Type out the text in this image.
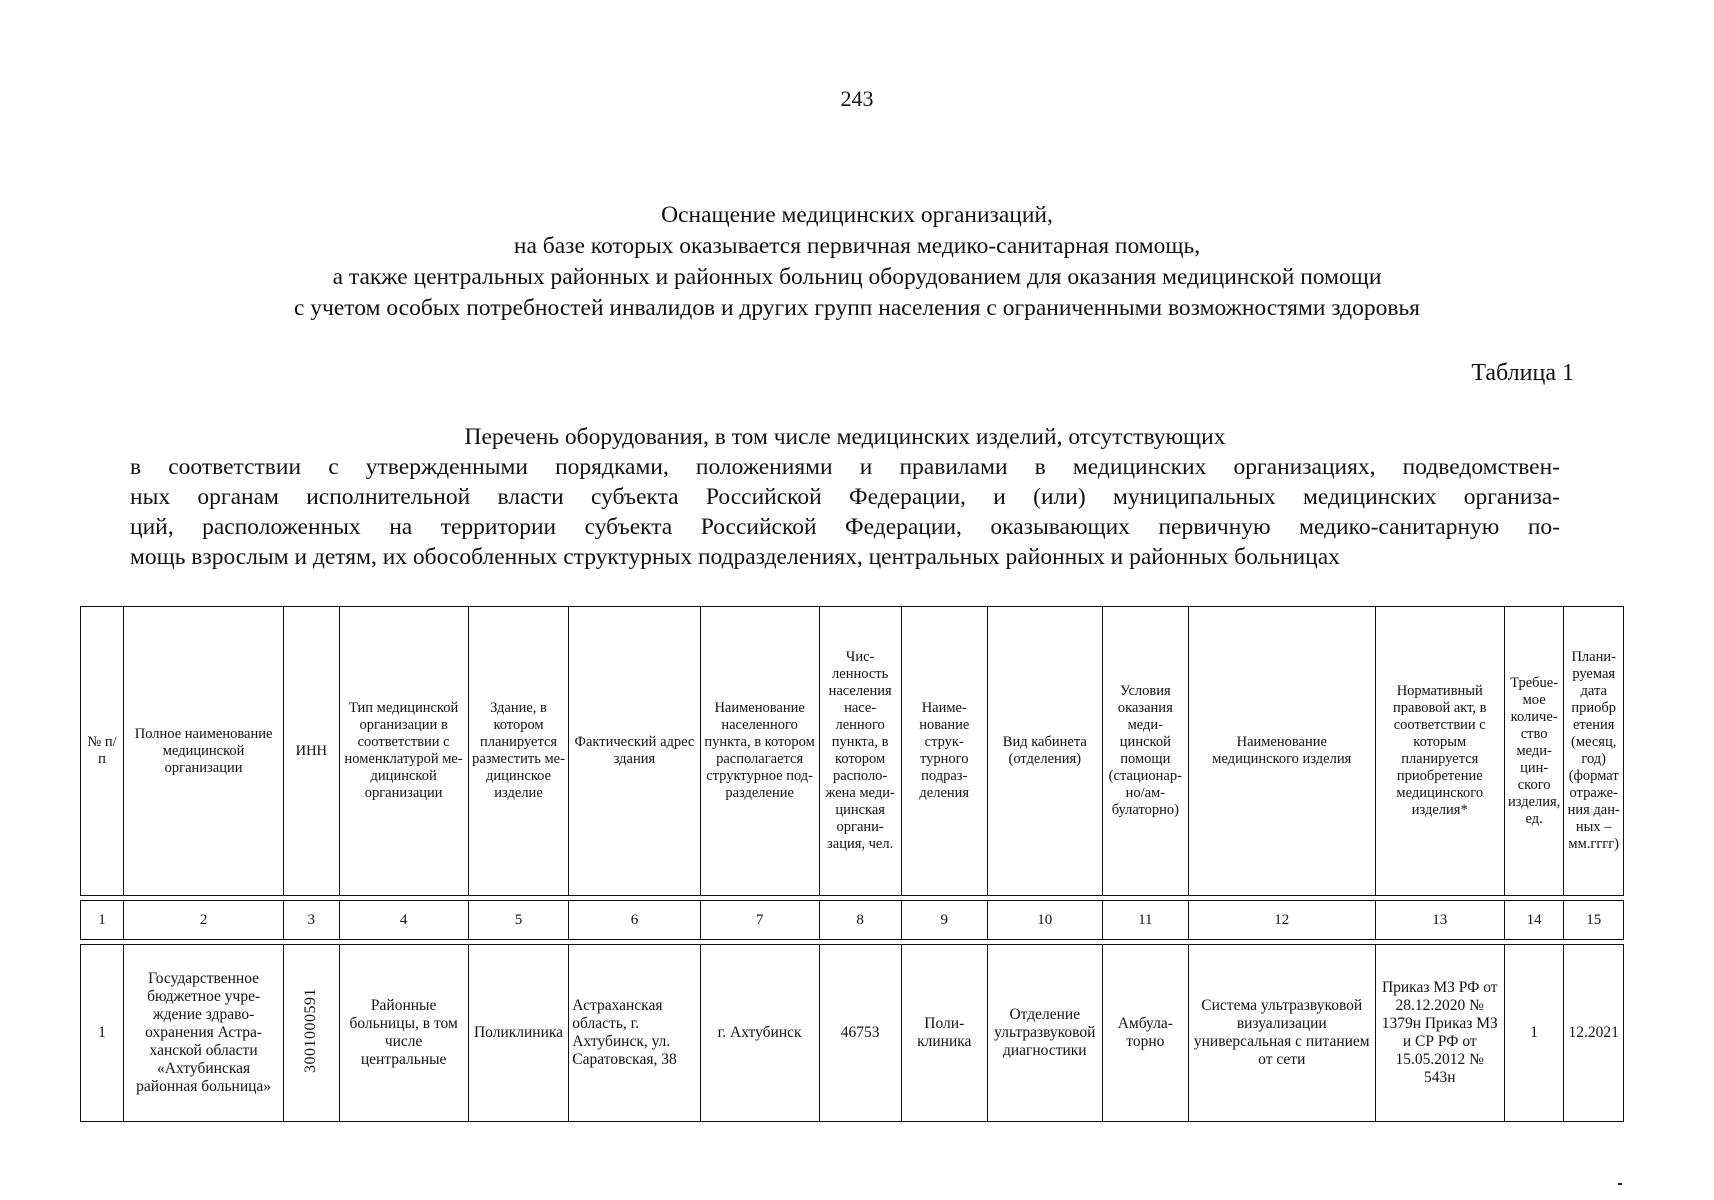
243
Оснащение медицинских организаций,
на базе которых оказывается первичная медико-санитарная помощь,
а также центральных районных и районных больниц оборудованием для оказания медицинской помощи
с учетом особых потребностей инвалидов и других групп населения с ограниченными возможностями здоровья
Таблица 1
Перечень оборудования, в том числе медицинских изделий, отсутствующих
в соответствии с утвержденными порядками, положениями и правилами в медицинских организациях, подведомствен-
ных органам исполнительной власти субъекта Российской Федерации, и (или) муниципальных медицинских организа-
ций, расположенных на территории субъекта Российской Федерации, оказывающих первичную медико-санитарную по-
мощь взрослым и детям, их обособленных структурных подразделениях, центральных районных и районных больницах
№ п/п	Полное наименование медицинской организации	ИНН	Тип медицинской организации в соответствии с номенклатурой медицинской организации	Здание, в котором планируется разместить медицинское изделие	Фактический адрес здания	Наименование населенного пункта, в котором располагается структурное подразделение	Численность населения населенного пункта, в котором расположена медицинская организация, чел.	Наименование структурного подразделения	Вид кабинета (отделения)	Условия оказания медицинской помощи (стационарно/амбулаторно)	Наименование медицинского изделия	Нормативный правовой акт, в соответствии с которым планируется приобретение медицинского изделия*	Требueмое количество медицинского изделия, ед.	Планируемая дата приобретения (месяц, год) (формат отражения данных – мм.гггг)

1	2	3	4	5	6	7	8	9	10	11	12	13	14	15

1	Государственное бюджетное учреждение здравоохранения Астраханской области «Ахтубинская районная больница»	3001000591	Районные больницы, в том числе центральные	Поликлиника	Астраханская область, г. Ахтубинск, ул. Саратовская, 38	г. Ахтубинск	46753	Поликлиника	Отделение ультразвуковой диагностики	Амбулаторно	Система ультразвуковой визуализации универсальная с питанием от сети	Приказ МЗ РФ от 28.12.2020 № 1379н Приказ МЗ и СР РФ от 15.05.2012 № 543н	1	12.2021
